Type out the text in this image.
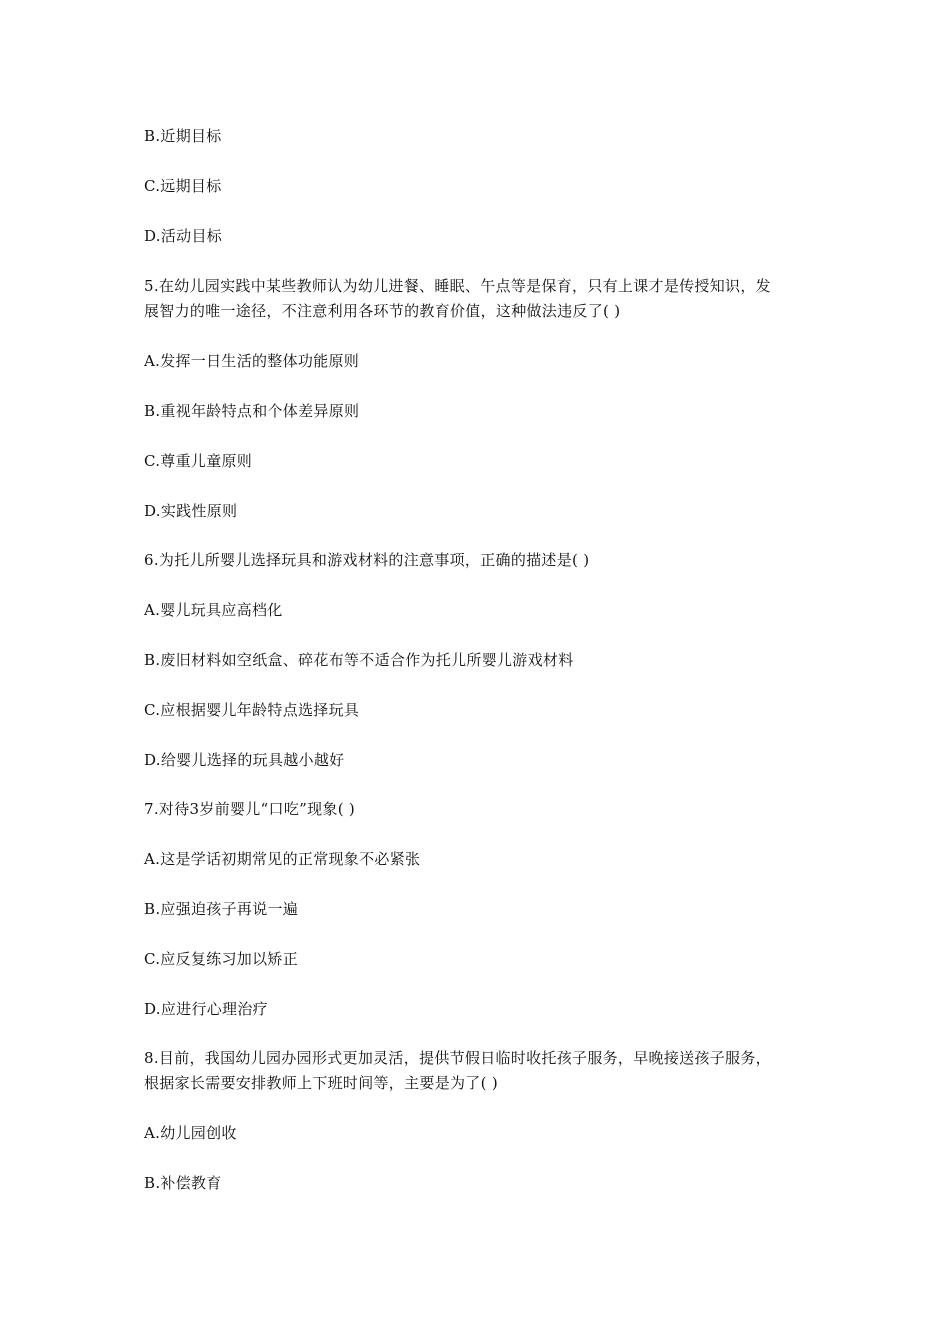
B.近期目标
C.远期目标
D.活动目标
5.在幼儿园实践中某些教师认为幼儿进餐、睡眠、午点等是保育，只有上课才是传授知识，发
展智力的唯一途径，不注意利用各环节的教育价值，这种做法违反了( )
A.发挥一日生活的整体功能原则
B.重视年龄特点和个体差异原则
C.尊重儿童原则
D.实践性原则
6.为托儿所婴儿选择玩具和游戏材料的注意事项，正确的描述是( )
A.婴儿玩具应高档化
B.废旧材料如空纸盒、碎花布等不适合作为托儿所婴儿游戏材料
C.应根据婴儿年龄特点选择玩具
D.给婴儿选择的玩具越小越好
7.对待3岁前婴儿“口吃”现象( )
A.这是学话初期常见的正常现象不必紧张
B.应强迫孩子再说一遍
C.应反复练习加以矫正
D.应进行心理治疗
8.目前，我国幼儿园办园形式更加灵活，提供节假日临时收托孩子服务，早晚接送孩子服务，
根据家长需要安排教师上下班时间等，主要是为了( )
A.幼儿园创收
B.补偿教育
